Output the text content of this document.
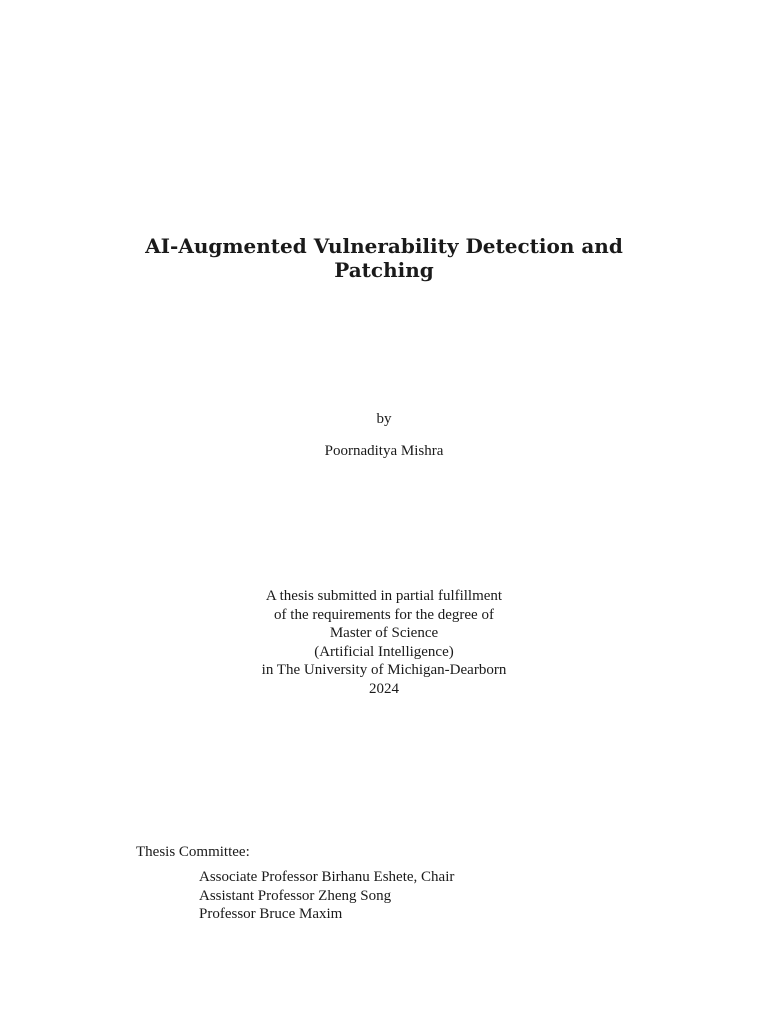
AI-Augmented Vulnerability Detection and
Patching
by
Poornaditya Mishra
A thesis submitted in partial fulfillment
of the requirements for the degree of
Master of Science
(Artificial Intelligence)
in The University of Michigan-Dearborn
2024
Thesis Committee:
Associate Professor Birhanu Eshete, Chair
Assistant Professor Zheng Song
Professor Bruce Maxim
